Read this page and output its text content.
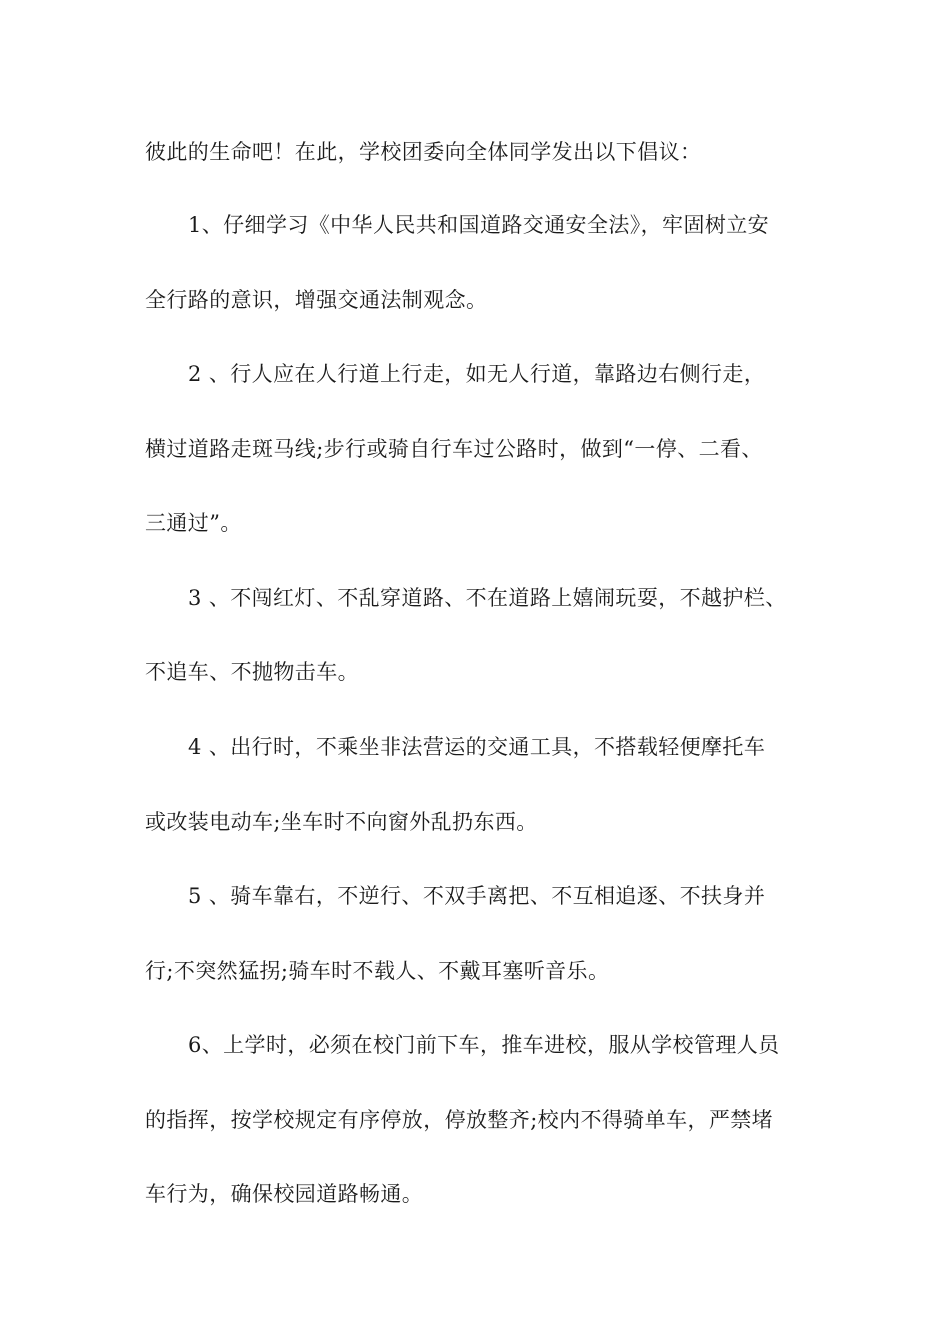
彼此的生命吧！在此，学校团委向全体同学发出以下倡议：
1、仔细学习《中华人民共和国道路交通安全法》，牢固树立安
全行路的意识，增强交通法制观念。
2 、行人应在人行道上行走，如无人行道，靠路边右侧行走，
横过道路走斑马线;步行或骑自行车过公路时，做到“一停、二看、
三通过”。
3 、不闯红灯、不乱穿道路、不在道路上嬉闹玩耍，不越护栏、
不追车、不抛物击车。
4 、出行时，不乘坐非法营运的交通工具，不搭载轻便摩托车
或改装电动车;坐车时不向窗外乱扔东西。
5 、骑车靠右，不逆行、不双手离把、不互相追逐、不扶身并
行;不突然猛拐;骑车时不载人、不戴耳塞听音乐。
6、上学时，必须在校门前下车，推车进校，服从学校管理人员
的指挥，按学校规定有序停放，停放整齐;校内不得骑单车，严禁堵
车行为，确保校园道路畅通。
